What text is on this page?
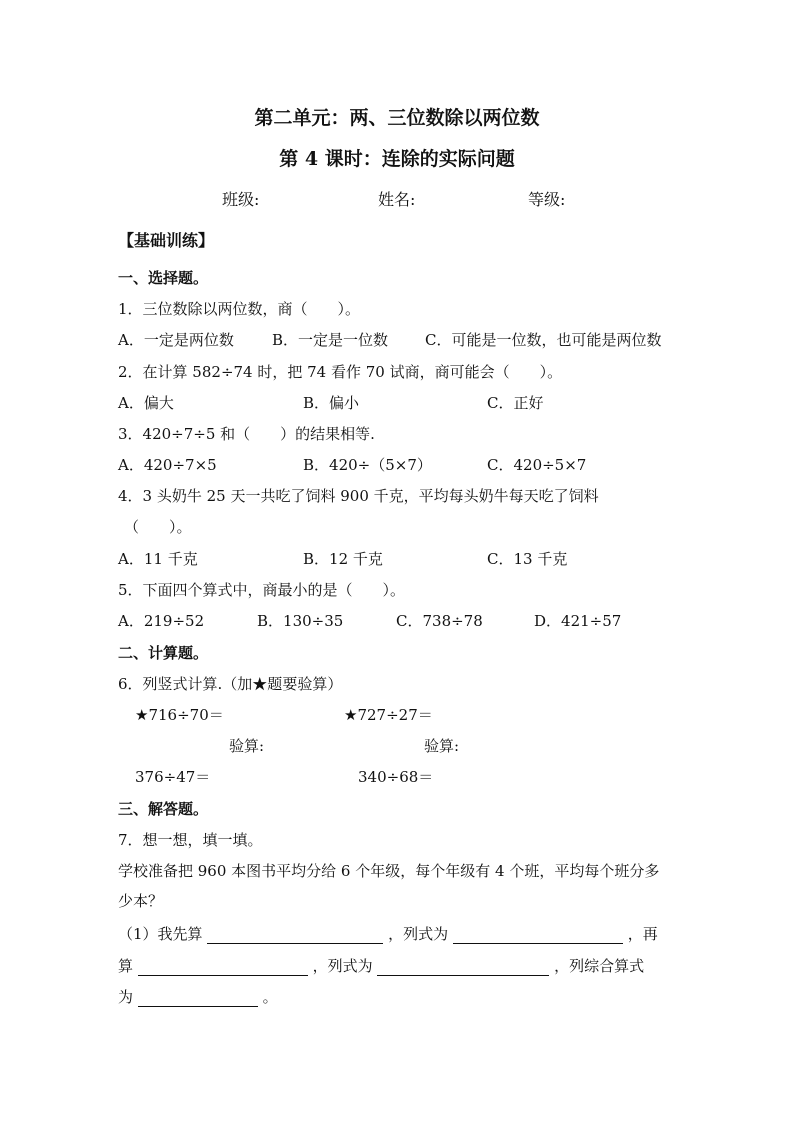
第二单元：两、三位数除以两位数
第 4 课时：连除的实际问题
班级:	姓名:	等级:
【基础训练】
一、选择题。
1．三位数除以两位数，商（　　）。
A．一定是两位数	B．一定是一位数 C．可能是一位数，也可能是两位数
2．在计算 582÷74 时，把 74 看作 70 试商，商可能会（　　）。
A．偏大	B．偏小	C．正好
3．420÷7÷5 和（　　）的结果相等.
A．420÷7×5	B．420÷（5×7）	C．420÷5×7
4．3 头奶牛 25 天一共吃了饲料 900 千克，平均每头奶牛每天吃了饲料
（　　）。
A．11 千克	B．12 千克	C．13 千克
5．下面四个算式中，商最小的是（　　）。
A．219÷52	B．130÷35	C．738÷78	D．421÷57
二、计算题。
6．列竖式计算.（加★题要验算）
★716÷70＝	★727÷27＝
验算:	验算:
376÷47＝	340÷68＝
三、解答题。
7．想一想，填一填。
学校准备把 960 本图书平均分给 6 个年级，每个年级有 4 个班，平均每个班分多
少本？
（1）我先算	，列式为	，再
算	，列式为	，列综合算式
为	。
